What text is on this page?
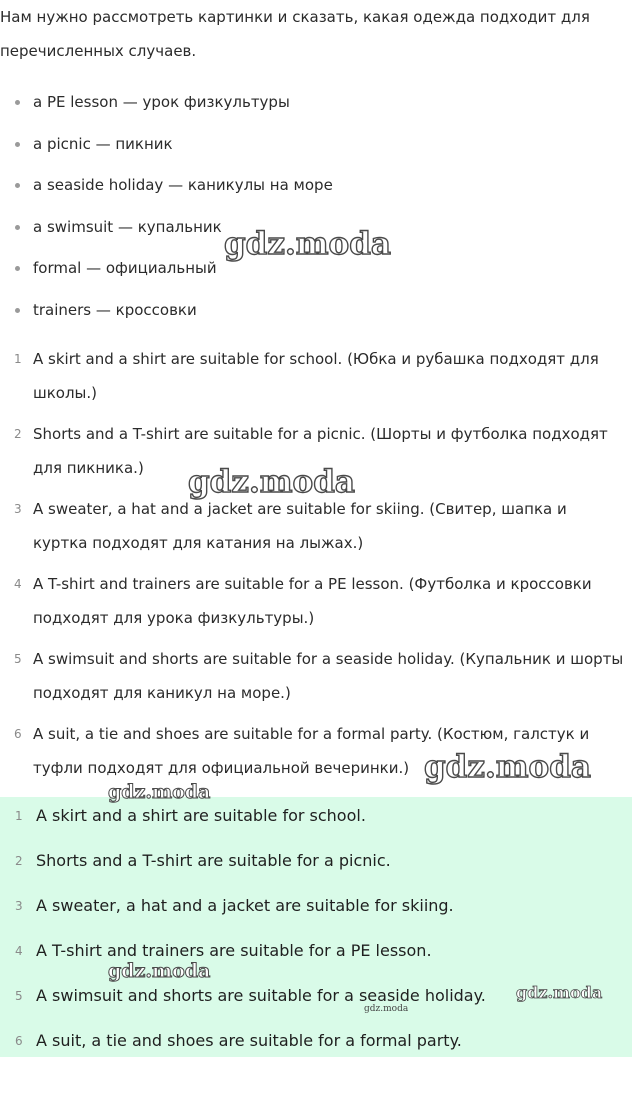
Нам нужно рассмотреть картинки и сказать, какая одежда подходит для перечисленных случаев.

a PE lesson — урок физкультуры
a picnic — пикник
a seaside holiday — каникулы на море
a swimsuit — купальник
formal — официальный
trainers — кроссовки
1 A skirt and a shirt are suitable for school. (Юбка и рубашка подходят для школы.)
2 Shorts and a T-shirt are suitable for a picnic. (Шорты и футболка подходят для пикника.)
3 A sweater, a hat and a jacket are suitable for skiing. (Свитер, шапка и куртка подходят для катания на лыжах.)
4 A T-shirt and trainers are suitable for a PE lesson. (Футболка и кроссовки подходят для урока физкультуры.)
5 A swimsuit and shorts are suitable for a seaside holiday. (Купальник и шорты подходят для каникул на море.)
6 A suit, a tie and shoes are suitable for a formal party. (Костюм, галстук и туфли подходят для официальной вечеринки.)
1 A skirt and a shirt are suitable for school.
2 Shorts and a T-shirt are suitable for a picnic.
3 A sweater, a hat and a jacket are suitable for skiing.
4 A T-shirt and trainers are suitable for a PE lesson.
5 A swimsuit and shorts are suitable for a seaside holiday.
6 A suit, a tie and shoes are suitable for a formal party.
gdz.moda
gdz.moda
gdz.moda
gdz.moda
gdz.moda
gdz.moda
gdz.moda
